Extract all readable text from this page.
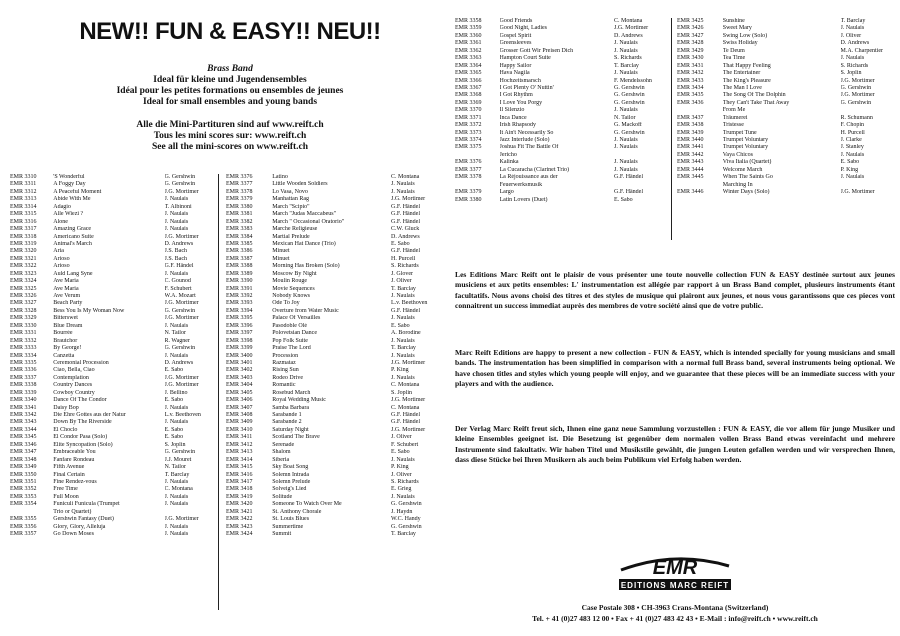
NEW!! FUN & EASY!! NEU!!
Brass Band
Ideal für kleine und Jugendensembles
Idéal pour les petites formations ou ensembles de jeunes
Ideal for small ensembles and young bands
Alle die Mini-Partituren sind auf www.reift.ch
Tous les mini scores sur: www.reift.ch
See all the mini-scores on www.reift.ch
EMR 3310	'S Wonderful	G. Gershwin
EMR 3311	A Foggy Day	G. Gershwin
EMR 3312	A Peaceful Moment	J.G. Mortimer
EMR 3313	Abide With Me	J. Naulais
EMR 3314	Adagio	T. Albinoni
EMR 3315	Alle Wiezi ?	J. Naulais
EMR 3316	Alone	J. Naulais
EMR 3317	Amazing Grace	J. Naulais
EMR 3318	Americano Suite	J.G. Mortimer
EMR 3319	Animal's March	D. Andrews
EMR 3320	Aria	J.S. Bach
EMR 3321	Arioso	J.S. Bach
EMR 3322	Arioso	G.F. Händel
EMR 3323	Auld Lang Syne	J. Naulais
EMR 3324	Ave Maria	C. Gounod
EMR 3325	Ave Maria	F. Schubert
EMR 3326	Ave Verum	W.A. Mozart
EMR 3327	Beach Party	J.G. Mortimer
EMR 3328	Bess You Is My Woman Now	G. Gershwin
EMR 3329	Bitterswet	J.G. Mortimer
EMR 3330	Blue Dream	J. Naulais
EMR 3331	Bourrée	N. Tailor
EMR 3332	Brautchor	R. Wagner
EMR 3333	By George!	G. Gershwin
EMR 3334	Canzetta	J. Naulais
EMR 3335	Ceremonial Procession	D. Andrews
EMR 3336	Ciao, Bella, Ciao	E. Sabo
EMR 3337	Contemplation	J.G. Mortimer
EMR 3338	Country Dances	J.G. Mortimer
EMR 3339	Cowboy Country	J. Bellino
EMR 3340	Dance Of The Condor	E. Sabo
EMR 3341	Daisy Bop	J. Naulais
EMR 3342	Die Ehre Gottes aus der Natur	L.v. Beethoven
EMR 3343	Down By The Riverside	J. Naulais
EMR 3344	El Choclo	E. Sabo
EMR 3345	El Condor Pasa (Solo)	E. Sabo
EMR 3346	Elite Syncopation (Solo)	S. Joplin
EMR 3347	Embraceable You	G. Gershwin
EMR 3348	Fanfare Rondeau	J.J. Mouret
EMR 3349	Fifth Avenue	N. Tailor
EMR 3350	Final Certain	T. Barclay
EMR 3351	Fine Rendez-vous	J. Naulais
EMR 3352	Free Time	C. Montana
EMR 3353	Full Moon	J. Naulais
EMR 3354	Funiculi Funicula (Trumpet	J. Naulais
Trio or Quartet)
EMR 3355	Gershwin Fantasy (Duet)	J.G. Mortimer
EMR 3356	Glory, Glory, Alleluja	J. Naulais
EMR 3357	Go Down Moses	J. Naulais
EMR 3376	Latino	C. Montana
EMR 3377	Little Wooden Soldiers	J. Naulais
EMR 3378	Lo Vasa, Novo	J. Naulais
EMR 3379	Manhattan Rag	J.G. Mortimer
EMR 3380	March "Scipio"	G.F. Händel
EMR 3381	March "Judas Maccabeus"	G.F. Händel
EMR 3382	March " Occasional Oratorio"	G.F. Händel
EMR 3383	Marche Religieuse	C.W. Gluck
EMR 3384	Martial Prelude	D. Andrews
EMR 3385	Mexican Hat Dance (Trio)	E. Sabo
EMR 3386	Minuet	G.F. Händel
EMR 3387	Minuet	H. Purcell
EMR 3388	Morning Has Broken (Solo)	S. Richards
EMR 3389	Moscow By Night	J. Glover
EMR 3390	Moulin Rouge	J. Oliver
EMR 3391	Movie Sequences	T. Barclay
EMR 3392	Nobody Knows	J. Naulais
EMR 3393	Ode To Joy	L.v. Beethoven
EMR 3394	Overture from Water Music	G.F. Händel
EMR 3395	Palace Of Versailles	J. Naulais
EMR 3396	Pasodoble Olé	E. Sabo
EMR 3397	Polovetsian Dance	A. Borodine
EMR 3398	Pop Folk Suite	J. Naulais
EMR 3399	Praise The Lord	T. Barclay
EMR 3400	Procession	J. Naulais
EMR 3401	Razmataz	J.G. Mortimer
EMR 3402	Rising Sun	P. King
EMR 3403	Rodeo Drive	J. Naulais
EMR 3404	Romantic	C. Montana
EMR 3405	Rosebud March	S. Joplin
EMR 3406	Royal Wedding Music	J.G. Mortimer
EMR 3407	Samba Barbara	C. Montana
EMR 3408	Sarabande 1	G.F. Händel
EMR 3409	Sarabande 2	G.F. Händel
EMR 3410	Saturday Night	J.G. Mortimer
EMR 3411	Scotland The Brave	J. Oliver
EMR 3412	Serenade	F. Schubert
EMR 3413	Shalom	E. Sabo
EMR 3414	Siberia	J. Naulais
EMR 3415	Sky Boat Song	P. King
EMR 3416	Solemn Intrada	J. Oliver
EMR 3417	Solemn Prelude	S. Richards
EMR 3418	Solveig's Lied	E. Grieg
EMR 3419	Solitude	J. Naulais
EMR 3420	Someone To Watch Over Me	G. Gershwin
EMR 3421	St. Anthony Chorale	J. Haydn
EMR 3422	St. Louis Blues	W.C. Handy
EMR 3423	Summertime	G. Gershwin
EMR 3424	Summit	T. Barclay
EMR 3358	Good Friends	C. Montana
EMR 3359	Good Night, Ladies	J.G. Mortimer
EMR 3360	Gospel Spirit	D. Andrews
EMR 3361	Greensleeves	J. Naulais
EMR 3362	Grosser Gott Wir Preisen Dich	J. Naulais
EMR 3363	Hampton Court Suite	S. Richards
EMR 3364	Happy Sailor	T. Barclay
EMR 3365	Hava Nagila	J. Naulais
EMR 3366	Hochzeitsmarsch	F. Mendelssohn
EMR 3367	I Got Plenty O' Nuttin'	G. Gershwin
EMR 3368	I Got Rhythm	G. Gershwin
EMR 3369	I Love You Porgy	G. Gershwin
EMR 3370	Il Silenzio	J. Naulais
EMR 3371	Inca Dance	N. Tailor
EMR 3372	Irish Rhapsody	G. Mackoff
EMR 3373	It Ain't Necessarily So	G. Gershwin
EMR 3374	Jazz Interlude (Solo)	J. Naulais
EMR 3375	Joshua Fit The Battle Of	J. Naulais
Jericho
EMR 3376	Kalinka	J. Naulais
EMR 3377	La Cucaracha (Clarinet Trio)	J. Naulais
EMR 3378	La Réjouissance aus der	G.F. Händel
Feuerwerksmusik
EMR 3379	Largo	G.F. Händel
EMR 3380	Latin Lovers (Duet)	E. Sabo
EMR 3425	Sunshine	T. Barclay
EMR 3426	Sweet Mary	J. Naulais
EMR 3427	Swing Low (Solo)	J. Oliver
EMR 3428	Swiss Holiday	D. Andrews
EMR 3429	Te Deum	M.A. Charpentier
EMR 3430	Tea Time	J. Naulais
EMR 3431	That Happy Feeling	S. Richards
EMR 3432	The Entertainer	S. Joplin
EMR 3433	The King's Pleasure	J.G. Mortimer
EMR 3434	The Man I Love	G. Gershwin
EMR 3435	The Song Of The Dolphin	J.G. Mortimer
EMR 3436	They Can't Take That Away	G. Gershwin
From Me
EMR 3437	Träumerei	R. Schumann
EMR 3438	Tristesse	F. Chopin
EMR 3439	Trumpet Tune	H. Purcell
EMR 3440	Trumpet Voluntary	J. Clarke
EMR 3441	Trumpet Voluntary	J. Stanley
EMR 3442	Vaya Chicos	J. Naulais
EMR 3443	Viva Italia (Quartet)	E. Sabo
EMR 3444	Welcome March	P. King
EMR 3445	When The Saints Go	J. Naulais
Marching In
EMR 3446	Winter Days (Solo)	J.G. Mortimer
Les Editions Marc Reift ont le plaisir de vous présenter une toute nouvelle collection FUN & EASY destinée surtout aux jeunes musiciens et aux petits ensembles: L' instrumentation est allégée par rapport à un Brass Band complet, plusieurs instruments étant facultatifs. Nous avons choisi des titres et des styles de musique qui plairont aux jeunes, et nous vous garantissons que ces pieces vont connaitrent un success immediat auprès des membres de votre société ainsi que de votre public.
Marc Reift Editions are happy to present a new collection - FUN & EASY, which is intended specially for young musicians and small bands. The instrumentation has been simplified in comparison with a normal full Brass band, several instruments being optional. We have chosen titles and styles which young people will enjoy, and we guarantee that these pieces will be an immediate success with your players and with the audience.
Der Verlag Marc Reift freut sich, Ihnen eine ganz neue Sammlung vorzustellen : FUN & EASY, die vor allem für junge Musiker und kleine Ensembles geeignet ist. Die Besetzung ist gegenüber dem normalen vollen Brass Band etwas vereinfacht und mehrere Instrumente sind fakultativ. Wir haben Titel und Musikstile gewählt, die jungen Leuten gefallen werden und wir versprechen Ihnen, dass diese Stücke bei Ihren Musikern als auch beim Publikum viel Erfolg haben werden.
EMR
EDITIONS MARC REIFT
Case Postale 308 • CH-3963 Crans-Montana (Switzerland)
Tel. + 41 (0)27 483 12 00 • Fax + 41 (0)27 483 42 43 • E-Mail : info@reift.ch • www.reift.ch
